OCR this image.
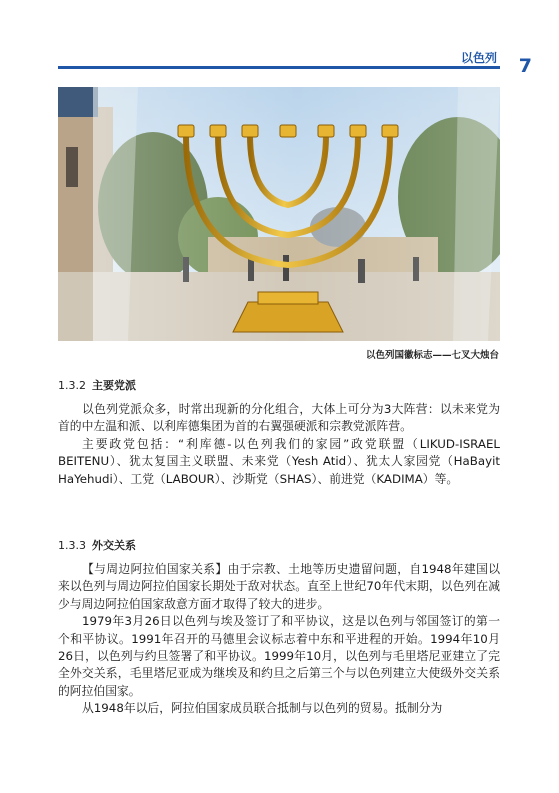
以色列 7
以色列国徽标志——七叉大烛台
1.3.2 主要党派

以色列党派众多，时常出现新的分化组合，大体上可分为3大阵营：以未来党为首的中左温和派、以利库德集团为首的右翼强硬派和宗教党派阵营。

主要政党包括：“利库德-以色列我们的家园”政党联盟（LIKUD-ISRAEL BEITENU）、犹太复国主义联盟、未来党（Yesh Atid）、犹太人家园党（HaBayit HaYehudi）、工党（LABOUR）、沙斯党（SHAS）、前进党（KADIMA）等。

1.3.3 外交关系

【与周边阿拉伯国家关系】由于宗教、土地等历史遗留问题，自1948年建国以来以色列与周边阿拉伯国家长期处于敌对状态。直至上世纪70年代末期，以色列在减少与周边阿拉伯国家敌意方面才取得了较大的进步。

1979年3月26日以色列与埃及签订了和平协议，这是以色列与邻国签订的第一个和平协议。1991年召开的马德里会议标志着中东和平进程的开始。1994年10月26日，以色列与约旦签署了和平协议。1999年10月，以色列与毛里塔尼亚建立了完全外交关系，毛里塔尼亚成为继埃及和约旦之后第三个与以色列建立大使级外交关系的阿拉伯国家。

从1948年以后，阿拉伯国家成员联合抵制与以色列的贸易。抵制分为
